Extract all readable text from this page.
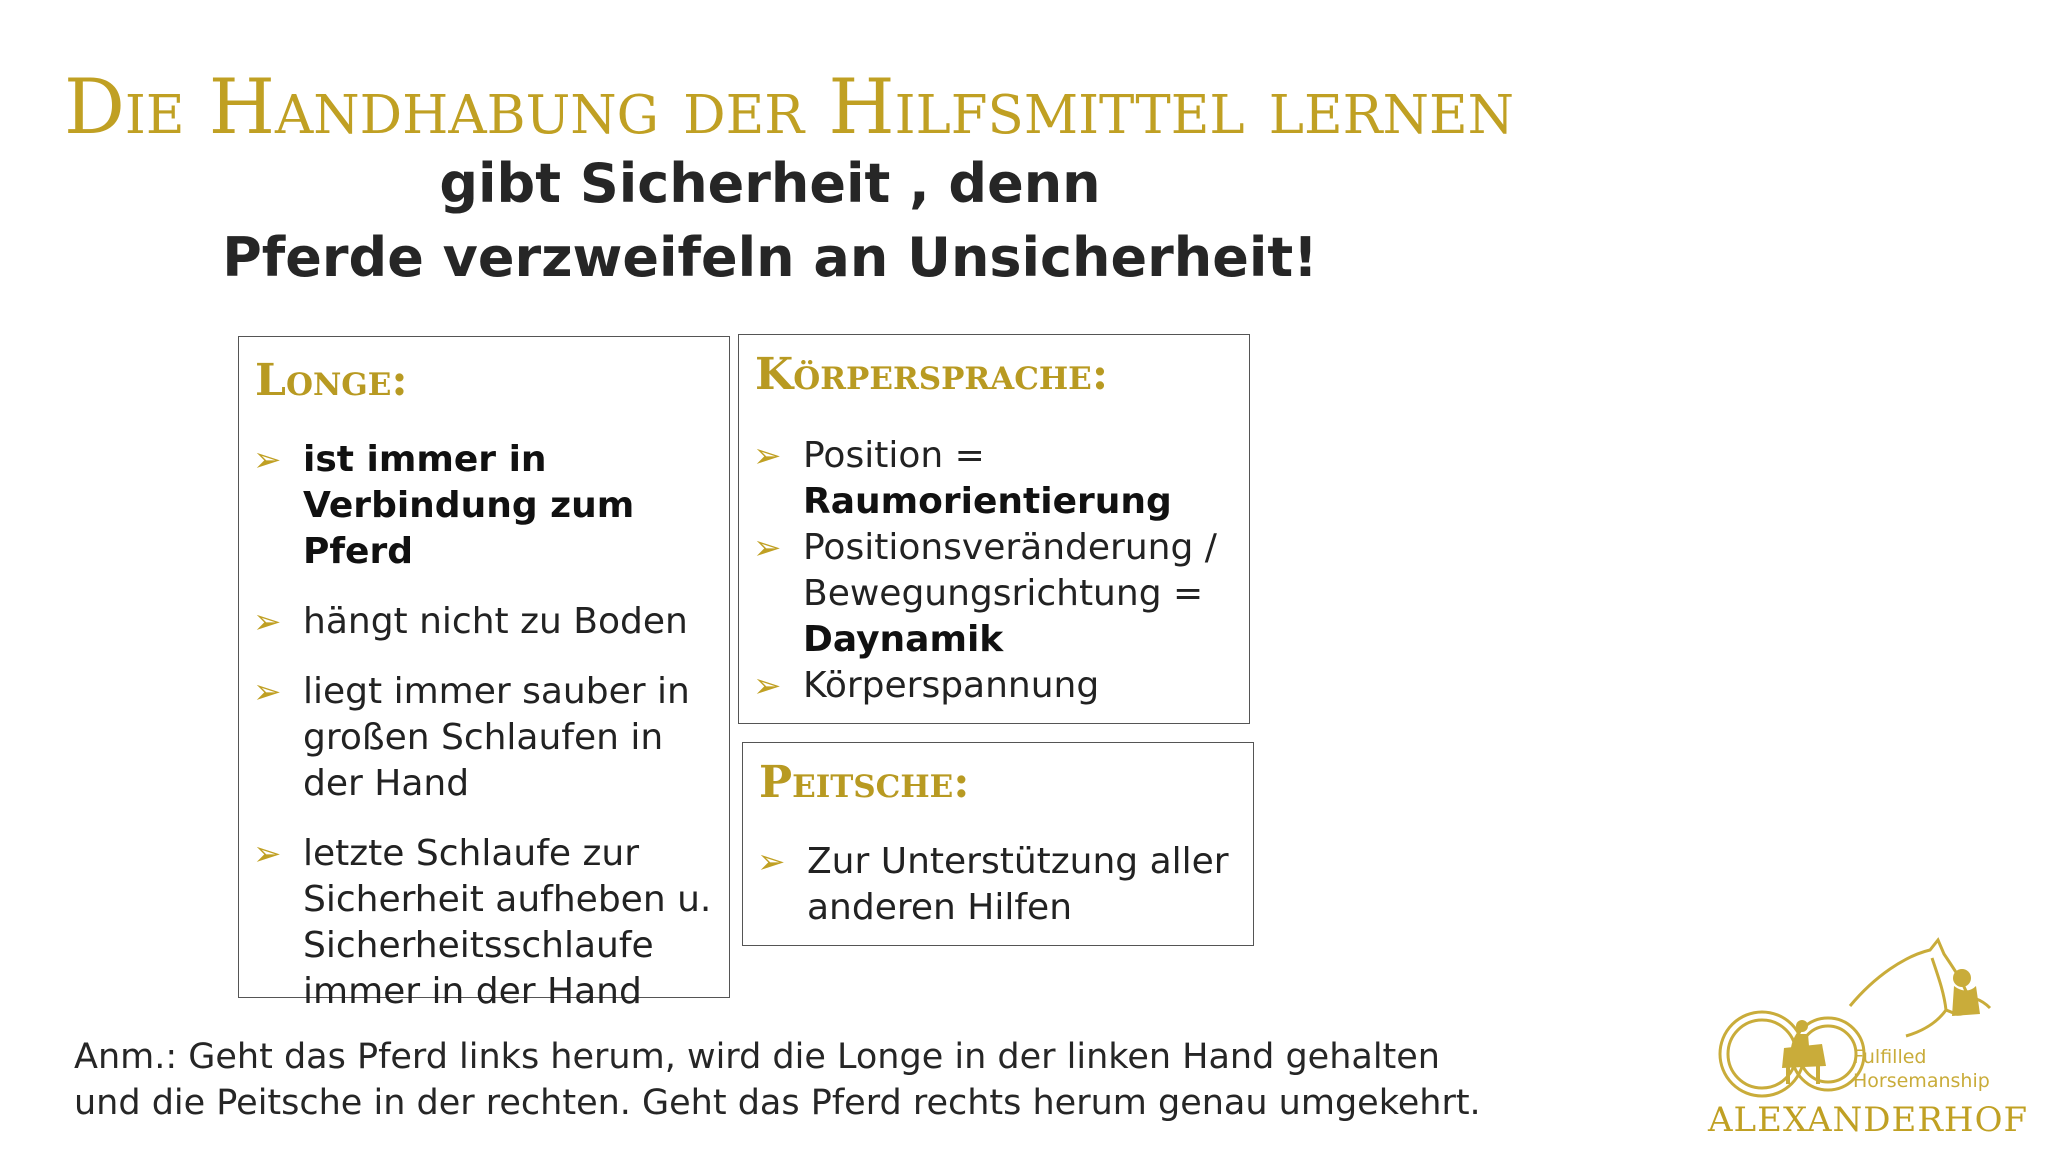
Die Handhabung der Hilfsmittel lernen
gibt Sicherheit , denn
Pferde verzweifeln an Unsicherheit!
Longe:
➢ ist immer in Verbindung zum Pferd
➢ hängt nicht zu Boden
➢ liegt immer sauber in großen Schlaufen in der Hand
➢ letzte Schlaufe zur Sicherheit aufheben u. Sicherheitsschlaufe immer in der Hand
Körpersprache:
➢ Position =
Raumorientierung
➢ Positionsveränderung / Bewegungsrichtung =
Daynamik
➢ Körperspannung
Peitsche:
➢ Zur Unterstützung aller anderen Hilfen
Anm.: Geht das Pferd links herum, wird die Longe in der linken Hand gehalten
und die Peitsche in der rechten. Geht das Pferd rechts herum genau umgekehrt.
Fulfilled
Horsemanship
ALEXANDERHOF
